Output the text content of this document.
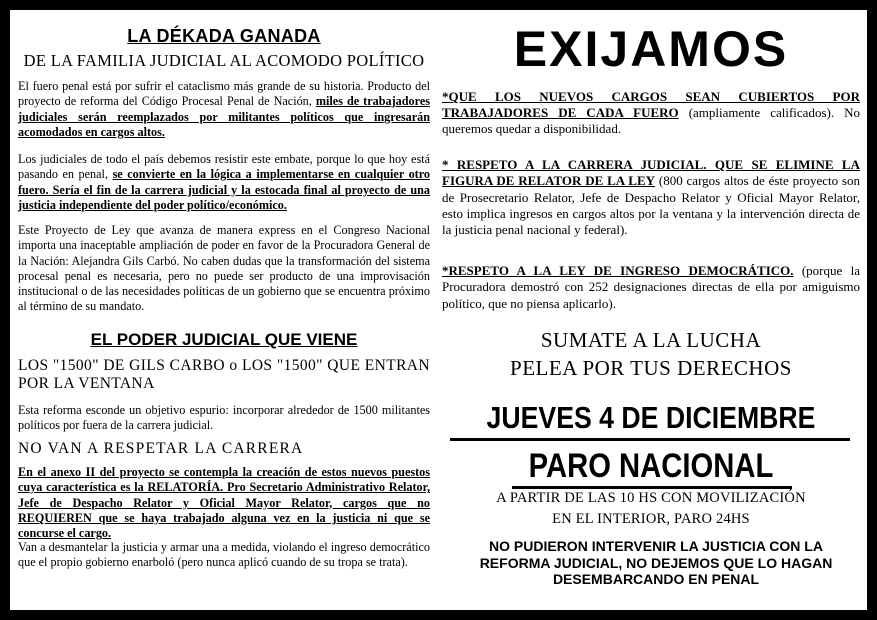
LA DÉKADA GANADA
DE LA FAMILIA JUDICIAL AL ACOMODO POLÍTICO

El fuero penal está por sufrir el cataclismo más grande de su historia. Producto del proyecto de reforma del Código Procesal Penal de Nación, miles de trabajadores judiciales serán reemplazados por militantes políticos que ingresarán acomodados en cargos altos.

Los judiciales de todo el país debemos resistir este embate, porque lo que hoy está pasando en penal, se convierte en la lógica a implementarse en cualquier otro fuero. Sería el fin de la carrera judicial y la estocada final al proyecto de una justicia independiente del poder político/económico.

Este Proyecto de Ley que avanza de manera express en el Congreso Nacional importa una inaceptable ampliación de poder en favor de la Procuradora General de la Nación: Alejandra Gils Carbó. No caben dudas que la transformación del sistema procesal penal es necesaria, pero no puede ser producto de una improvisación institucional o de las necesidades políticas de un gobierno que se encuentra próximo al término de su mandato.

EL PODER JUDICIAL QUE VIENE
LOS "1500" DE GILS CARBO o LOS "1500" QUE ENTRAN POR LA VENTANA

Esta reforma esconde un objetivo espurio: incorporar alrededor de 1500 militantes políticos por fuera de la carrera judicial.

NO VAN A RESPETAR LA CARRERA

En el anexo II del proyecto se contempla la creación de estos nuevos puestos cuya característica es la RELATORÍA. Pro Secretario Administrativo Relator, Jefe de Despacho Relator y Oficial Mayor Relator, cargos que no REQUIEREN que se haya trabajado alguna vez en la justicia ni que se concurse el cargo.

Van a desmantelar la justicia y armar una a medida, violando el ingreso democrático que el propio gobierno enarboló (pero nunca aplicó cuando de su tropa se trata).

EXIJAMOS

*QUE LOS NUEVOS CARGOS SEAN CUBIERTOS POR TRABAJADORES DE CADA FUERO (ampliamente calificados). No queremos quedar a disponibilidad.

* RESPETO A LA CARRERA JUDICIAL. QUE SE ELIMINE LA FIGURA DE RELATOR DE LA LEY (800 cargos altos de éste proyecto son de Prosecretario Relator, Jefe de Despacho Relator y Oficial Mayor Relator, esto implica ingresos en cargos altos por la ventana y la intervención directa de la justicia penal nacional y federal).

*RESPETO A LA LEY DE INGRESO DEMOCRÁTICO. (porque la Procuradora demostró con 252 designaciones directas de ella por amiguismo político, que no piensa aplicarlo).

SUMATE A LA LUCHA
PELEA POR TUS DERECHOS
JUEVES 4 DE DICIEMBRE
PARO NACIONAL
A PARTIR DE LAS 10 HS CON MOVILIZACIÓN
EN EL INTERIOR, PARO 24HS
NO PUDIERON INTERVENIR LA JUSTICIA CON LA REFORMA JUDICIAL, NO DEJEMOS QUE LO HAGAN DESEMBARCANDO EN PENAL
